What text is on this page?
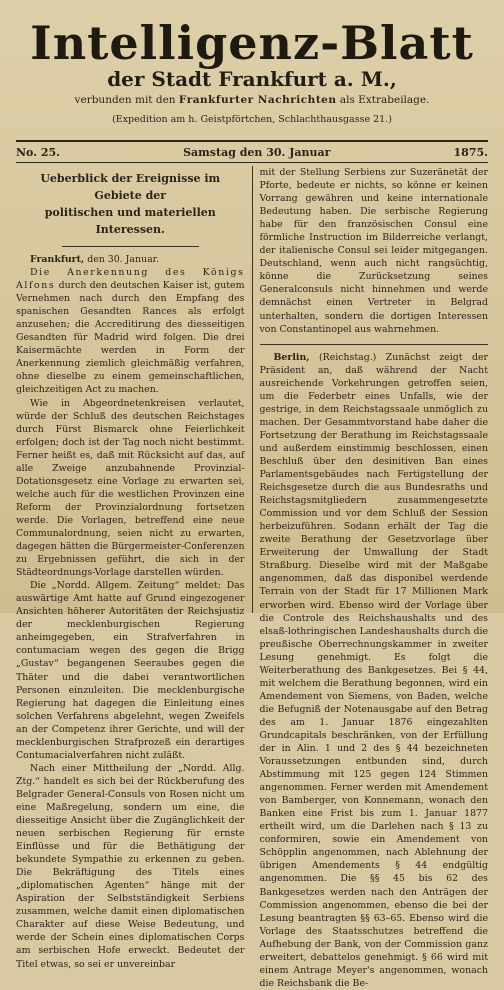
Intelligenz-Blatt
der Stadt Frankfurt a. M.,
verbunden mit den Frankfurter Nachrichten als Extrabeilage.
(Expedition am h. Geistpförtchen, Schlachthausgasse 21.)
No. 25.	Samstag den 30. Januar	1875.
Ueberblick der Ereignisse im Gebiete der
politischen und materiellen Interessen.

Frankfurt, den 30. Januar.

Die Anerkennung des Königs Alfons durch den deutschen Kaiser ist, gutem Vernehmen nach durch den Empfang des spanischen Gesandten Rances als erfolgt anzusehen; die Accreditirung des diesseitigen Gesandten für Madrid wird folgen. Die drei Kaisermächte werden in Form der Anerkennung ziemlich gleichmäßig verfahren, ohne dieselbe zu einem gemeinschaftlichen, gleichzeitigen Act zu machen.

Wie in Abgeordnetenkreisen verlautet, würde der Schluß des deutschen Reichstages durch Fürst Bismarck ohne Feierlichkeit erfolgen; doch ist der Tag noch nicht bestimmt. Ferner heißt es, daß mit Rücksicht auf das, auf alle Zweige anzubahnende Provinzial-Dotationsgesetz eine Vorlage zu erwarten sei, welche auch für die westlichen Provinzen eine Reform der Provinzialordnung fortsetzen werde. Die Vorlagen, betreffend eine neue Communalordnung, seien nicht zu erwarten, dagegen hätten die Bürgermeister-Conferenzen zu Ergebnissen geführt, die sich in der Städteordnungs-Vorlage darstellen würden.

Die „Nordd. Allgem. Zeitung“ meldet: Das auswärtige Amt hatte auf Grund eingezogener Ansichten höherer Autoritäten der Reichsjustiz der mecklenburgischen Regierung anheimgegeben, ein Strafverfahren in contumaciam wegen des gegen die Brigg „Gustav“ begangenen Seeraubes gegen die Thäter und die dabei verantwortlichen Personen einzuleiten. Die mecklenburgische Regierung hat dagegen die Einleitung eines solchen Verfahrens abgelehnt, wegen Zweifels an der Competenz ihrer Gerichte, und will der mecklenburgischen Strafprozeß ein derartiges Contumacialverfahren nicht zuläßt.

Nach einer Mittheilung der „Nordd. Allg. Ztg.“ handelt es sich bei der Rückberufung des Belgrader General-Consuls von Rosen nicht um eine Maßregelung, sondern um eine, die diesseitige Ansicht über die Zugänglichkeit der neuen serbischen Regierung für ernste Einflüsse und für die Bethätigung der bekundete Sympathie zu erkennen zu geben. Die Bekräftigung des Titels eines „diplomatischen Agenten“ hänge mit der Aspiration der Selbstständigkeit Serbiens zusammen, welche damit einen diplomatischen Charakter auf diese Weise Bedeutung, und werde der Schein eines diplomatischen Corps am serbischen Hofe erweckt. Bedeutet der Titel etwas, so sei er unvereinbar

mit der Stellung Serbiens zur Suzeränetät der Pforte, bedeute er nichts, so könne er keinen Vorrang gewähren und keine internationale Bedeutung haben. Die serbische Regierung habe für den französischen Consul eine förmliche Instruction im Bilderreiche verlangt, der italienische Consul sei leider mitgegangen. Deutschland, wenn auch nicht rangsüchtig, könne die Zurücksetzung seines Generalconsuls nicht hinnehmen und werde demnächst einen Vertreter in Belgrad unterhalten, sondern die dortigen Interessen von Constantinopel aus wahrnehmen.

Berlin, (Reichstag.) Zunächst zeigt der Präsident an, daß während der Nacht ausreichende Vorkehrungen getroffen seien, um die Federbetr eines Unfalls, wie der gestrige, in dem Reichstagssaale unmöglich zu machen. Der Gesammtvorstand habe daher die Fortsetzung der Berathung im Reichstagssaale und außerdem einstimmig beschlossen, einen Beschluß über den desinitiven Ban eines Parlamentsgebäudes nach Fertigstellung der Reichsgesetze durch die aus Bundesraths und Reichstagsmitgliedern zusammengesetzte Commission und vor dem Schluß der Session herbeizuführen. Sodann erhält der Tag die zweite Berathung der Gesetzvorlage über Erweiterung der Umwallung der Stadt Straßburg. Dieselbe wird mit der Maßgabe angenommen, daß das disponibel werdende Terrain von der Stadt für 17 Millionen Mark erworben wird. Ebenso wird der Vorlage über die Controle des Reichshaushalts und des elsaß-lothringischen Landeshaushalts durch die preußische Oberrechnungskammer in zweiter Lesung genehmigt. Es folgt die Weiterberathung des Bankgesetzes. Bei § 44, mit welchem die Berathung begonnen, wird ein Amendement von Siemens, von Baden, welche die Befugniß der Notenausgabe auf den Betrag des am 1. Januar 1876 eingezahlten Grundcapitals beschränken, von der Erfüllung der in Alin. 1 und 2 des § 44 bezeichneten Voraussetzungen entbunden sind, durch Abstimmung mit 125 gegen 124 Stimmen angenommen. Ferner werden mit Amendement von Bamberger, von Konnemann, wonach den Banken eine Frist bis zum 1. Januar 1877 ertheilt wird, um die Darlehen nach § 13 zu conformiren, sowie ein Amendement von Schöpplin angenommen, nach Ablehnung der übrigen Amendements § 44 endgültig angenommen. Die §§ 45 bis 62 des Bankgesetzes werden nach den Anträgen der Commission angenommen, ebenso die bei der Lesung beantragten §§ 63–65. Ebenso wird die Vorlage des Staatsschutzes betreffend die Aufhebung der Bank, von der Commission ganz erweitert, debattelos genehmigt. § 66 wird mit einem Antrage Meyer's angenommen, wonach die Reichsbank die Be-
